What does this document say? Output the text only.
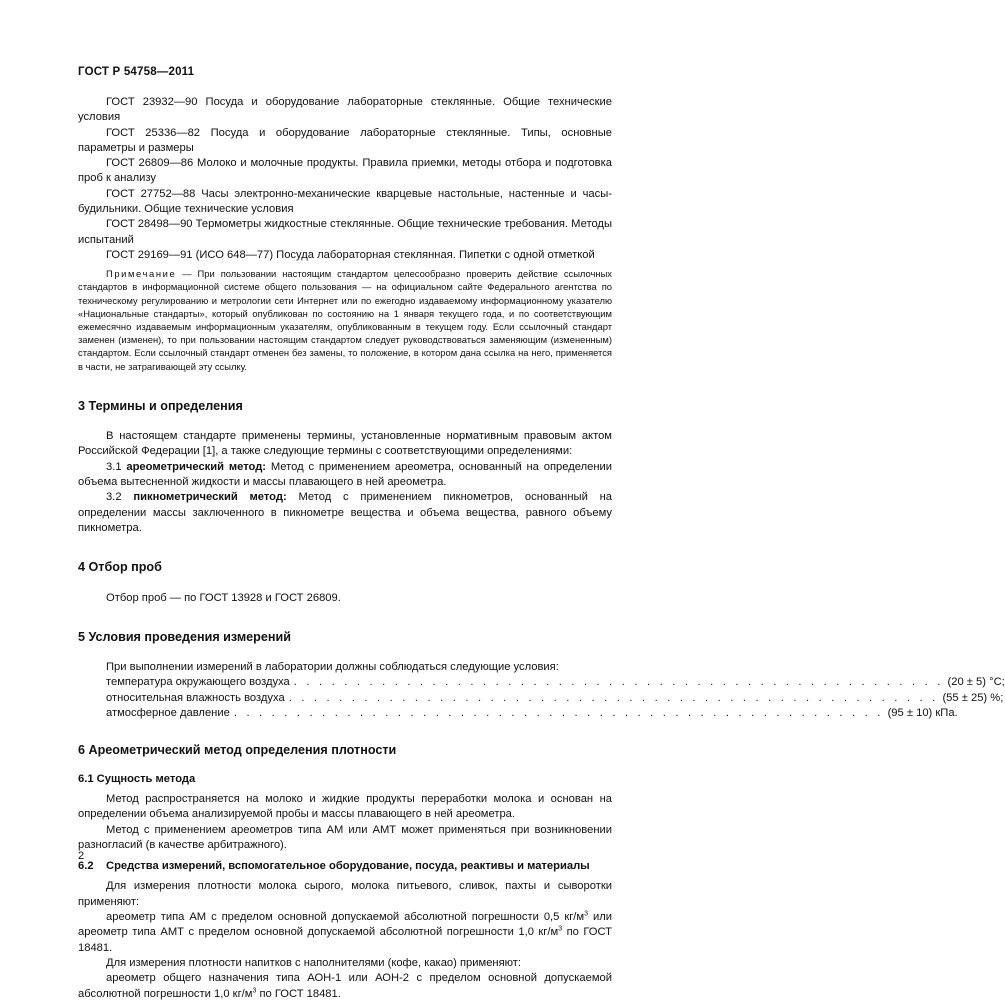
ГОСТ Р 54758—2011

ГОСТ 23932—90 Посуда и оборудование лабораторные стеклянные. Общие технические условия

ГОСТ 25336—82 Посуда и оборудование лабораторные стеклянные. Типы, основные параметры и размеры

ГОСТ 26809—86 Молоко и молочные продукты. Правила приемки, методы отбора и подготовка проб к анализу

ГОСТ 27752—88 Часы электронно-механические кварцевые настольные, настенные и часы-будильники. Общие технические условия

ГОСТ 28498—90 Термометры жидкостные стеклянные. Общие технические требования. Методы испытаний

ГОСТ 29169—91 (ИСО 648—77) Посуда лабораторная стеклянная. Пипетки с одной отметкой

Примечание — При пользовании настоящим стандартом целесообразно проверить действие ссылочных стандартов в информационной системе общего пользования — на официальном сайте Федерального агентства по техническому регулированию и метрологии сети Интернет или по ежегодно издаваемому информационному указателю «Национальные стандарты», который опубликован по состоянию на 1 января текущего года, и по соответствующим ежемесячно издаваемым информационным указателям, опубликованным в текущем году. Если ссылочный стандарт заменен (изменен), то при пользовании настоящим стандартом следует руководствоваться заменяющим (измененным) стандартом. Если ссылочный стандарт отменен без замены, то положение, в котором дана ссылка на него, применяется в части, не затрагивающей эту ссылку.

3 Термины и определения

В настоящем стандарте применены термины, установленные нормативным правовым актом Российской Федерации [1], а также следующие термины с соответствующими определениями:

3.1 ареометрический метод: Метод с применением ареометра, основанный на определении объема вытесненной жидкости и массы плавающего в ней ареометра.

3.2 пикнометрический метод: Метод с применением пикнометров, основанный на определении массы заключенного в пикнометре вещества и объема вещества, равного объему пикнометра.

4 Отбор проб

Отбор проб — по ГОСТ 13928 и ГОСТ 26809.

5 Условия проведения измерений

При выполнении измерений в лаборатории должны соблюдаться следующие условия:

температура окружающего воздуха . . . . . . . . . . . . . . . . . . . . . . . . . . . . . . . . . . . . . . . . . . . . . . . . . . . . (20 ± 5) °С;
относительная влажность воздуха . . . . . . . . . . . . . . . . . . . . . . . . . . . . . . . . . . . . . . . . . . . . . . . . . . . . (55 ± 25) %;
атмосферное давление . . . . . . . . . . . . . . . . . . . . . . . . . . . . . . . . . . . . . . . . . . . . . . . . . . . . (95 ± 10) кПа.

6 Ареометрический метод определения плотности

6.1 Сущность метода

Метод распространяется на молоко и жидкие продукты переработки молока и основан на определении объема анализируемой пробы и массы плавающего в ней ареометра.

Метод с применением ареометров типа АМ или АМТ может применяться при возникновении разногласий (в качестве арбитражного).

6.2 Средства измерений, вспомогательное оборудование, посуда, реактивы и материалы

Для измерения плотности молока сырого, молока питьевого, сливок, пахты и сыворотки применяют:

ареометр типа АМ с пределом основной допускаемой абсолютной погрешности 0,5 $кг/м^3$ или ареометр типа АМТ с пределом основной допускаемой абсолютной погрешности 1,0 $кг/м^3$ по ГОСТ 18481.

Для измерения плотности напитков с наполнителями (кофе, какао) применяют:

ареометр общего назначения типа АОН-1 или АОН-2 с пределом основной допускаемой абсолютной погрешности 1,0 $кг/м^3$ по ГОСТ 18481.

2
